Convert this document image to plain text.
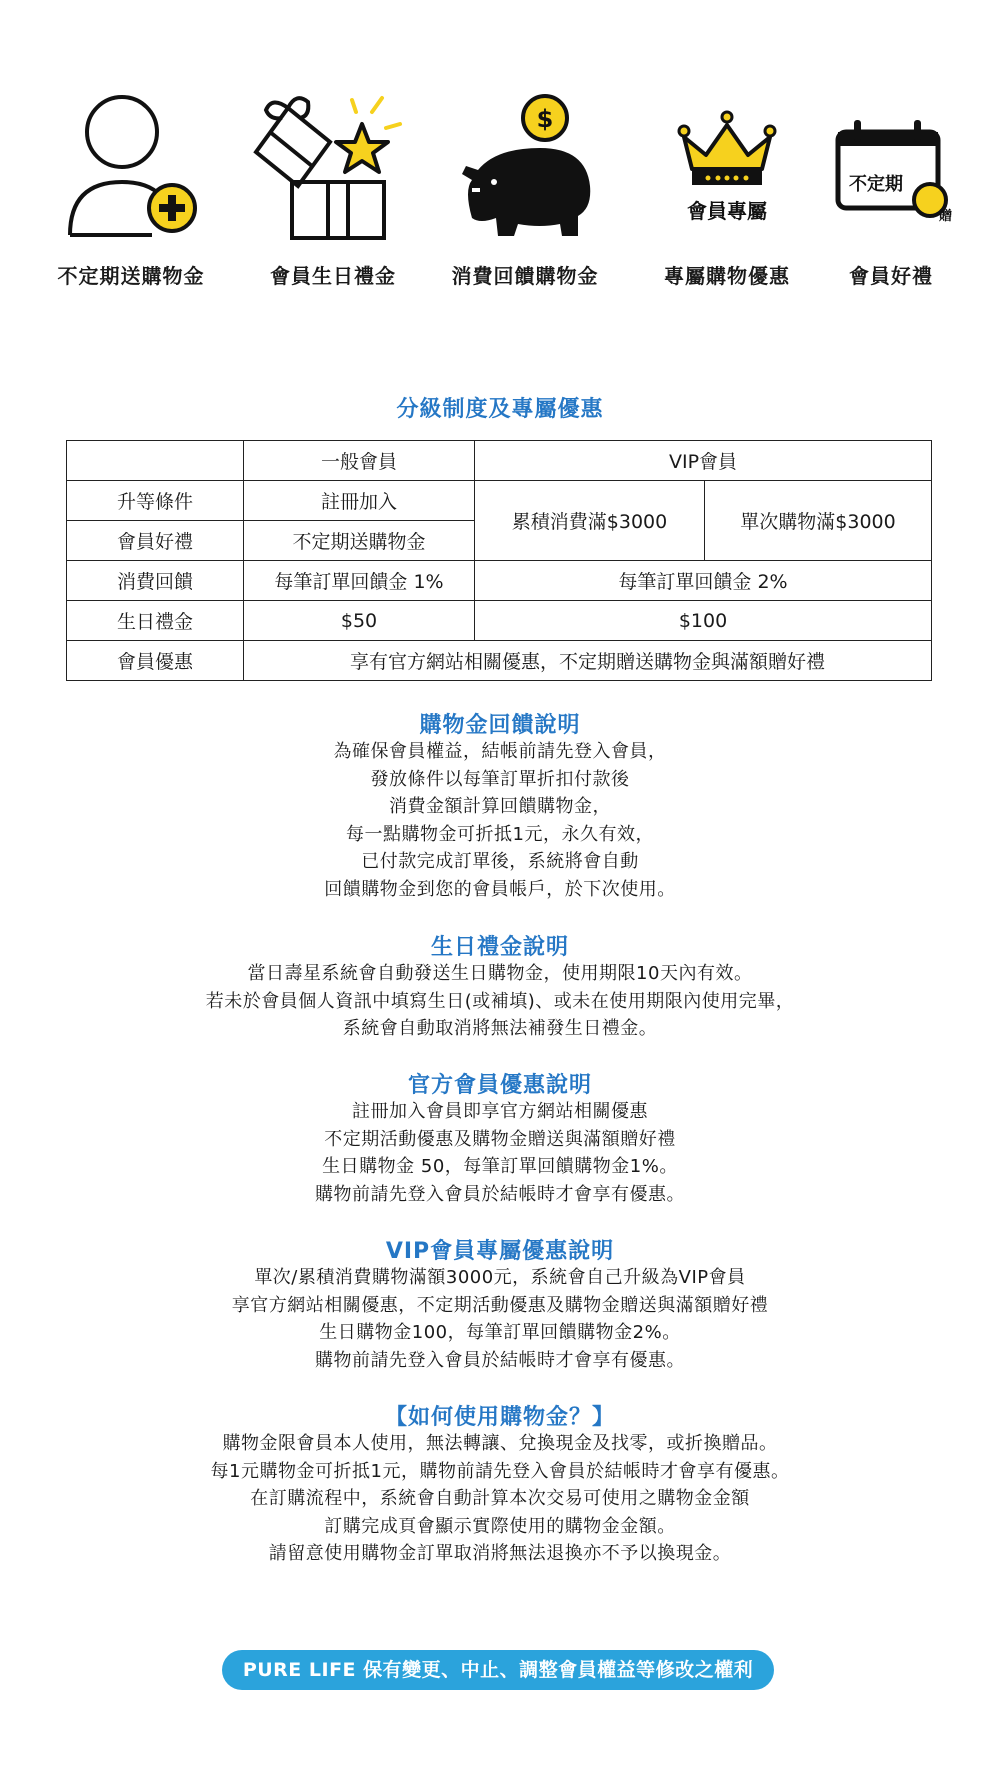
不定期送購物金	會員生日禮金
$
消費回饋購物金
會員專屬
專屬購物優惠
不定期
贈
會員好禮
分級制度及專屬優惠
	一般會員	VIP會員	
升等條件	註冊加入	累積消費滿$3000	單次購物滿$3000
會員好禮	不定期送購物金		
消費回饋	每筆訂單回饋金 1%	每筆訂單回饋金 2%	
生日禮金	$50	$100	
會員優惠	享有官方網站相關優惠，不定期贈送購物金與滿額贈好禮		
購物金回饋說明

為確保會員權益，結帳前請先登入會員，

發放條件以每筆訂單折扣付款後

消費金額計算回饋購物金，

每一點購物金可折抵1元，永久有效，

已付款完成訂單後，系統將會自動

回饋購物金到您的會員帳戶，於下次使用。

生日禮金說明

當日壽星系統會自動發送生日購物金，使用期限10天內有效。

若未於會員個人資訊中填寫生日(或補填)、或未在使用期限內使用完畢，

系統會自動取消將無法補發生日禮金。

官方會員優惠說明

註冊加入會員即享官方網站相關優惠

不定期活動優惠及購物金贈送與滿額贈好禮

生日購物金 50，每筆訂單回饋購物金1%。

購物前請先登入會員於結帳時才會享有優惠。

VIP會員專屬優惠說明

單次/累積消費購物滿額3000元，系統會自己升級為VIP會員

享官方網站相關優惠，不定期活動優惠及購物金贈送與滿額贈好禮

生日購物金100，每筆訂單回饋購物金2%。

購物前請先登入會員於結帳時才會享有優惠。

【如何使用購物金？】

購物金限會員本人使用，無法轉讓、兌換現金及找零，或折換贈品。

每1元購物金可折抵1元，購物前請先登入會員於結帳時才會享有優惠。

在訂購流程中，系統會自動計算本次交易可使用之購物金金額

訂購完成頁會顯示實際使用的購物金金額。

請留意使用購物金訂單取消將無法退換亦不予以換現金。

PURE LIFE 保有變更、中止、調整會員權益等修改之權利
